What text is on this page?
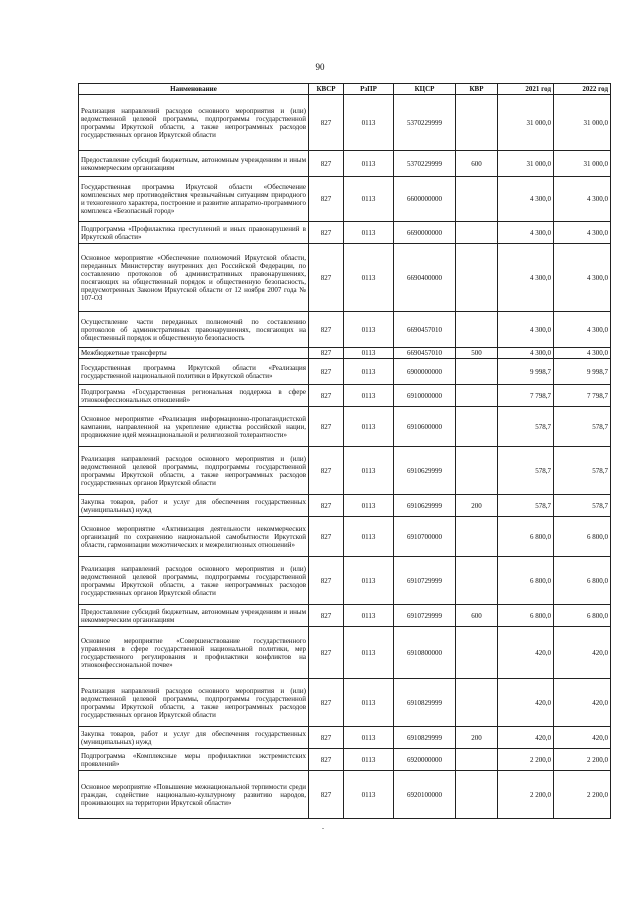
90
Наименование	КВСР	РзПР	КЦСР	КВР	2021 год	2022 год
Реализация направлений расходов основного мероприятия и (или) ведомственной целевой программы, подпрограммы государственной программы Иркутской области, а также непрограммных расходов государственных органов Иркутской области	827	0113	5370229999		31 000,0	31 000,0
Предоставление субсидий бюджетным, автономным учреждениям и иным некоммерческим организациям	827	0113	5370229999	600	31 000,0	31 000,0
Государственная программа Иркутской области «Обеспечение комплексных мер противодействия чрезвычайным ситуациям природного и техногенного характера, построение и развитие аппаратно-программного комплекса «Безопасный город»	827	0113	6600000000		4 300,0	4 300,0
Подпрограмма «Профилактика преступлений и иных правонарушений в Иркутской области»	827	0113	6690000000		4 300,0	4 300,0
Основное мероприятие «Обеспечение полномочий Иркутской области, переданных Министерству внутренних дел Российской Федерации, по составлению протоколов об административных правонарушениях, посягающих на общественный порядок и общественную безопасность, предусмотренных Законом Иркутской области от 12 ноября 2007 года № 107-ОЗ	827	0113	6690400000		4 300,0	4 300,0
Осуществление части переданных полномочий по составлению протоколов об административных правонарушениях, посягающих на общественный порядок и общественную безопасность	827	0113	6690457010		4 300,0	4 300,0
Межбюджетные трансферты	827	0113	6690457010	500	4 300,0	4 300,0
Государственная программа Иркутской области «Реализация государственной национальной политики в Иркутской области»	827	0113	6900000000		9 998,7	9 998,7
Подпрограмма «Государственная региональная поддержка в сфере этноконфессиональных отношений»	827	0113	6910000000		7 798,7	7 798,7
Основное мероприятие «Реализация информационно-пропагандистской кампании, направленной на укрепление единства российской нации, продвижение идей межнациональной и религиозной толерантности»	827	0113	6910600000		578,7	578,7
Реализация направлений расходов основного мероприятия и (или) ведомственной целевой программы, подпрограммы государственной программы Иркутской области, а также непрограммных расходов государственных органов Иркутской области	827	0113	6910629999		578,7	578,7
Закупка товаров, работ и услуг для обеспечения государственных (муниципальных) нужд	827	0113	6910629999	200	578,7	578,7
Основное мероприятие «Активизация деятельности некоммерческих организаций по сохранению национальной самобытности Иркутской области, гармонизации межэтнических и межрелигиозных отношений»	827	0113	6910700000		6 800,0	6 800,0
Реализация направлений расходов основного мероприятия и (или) ведомственной целевой программы, подпрограммы государственной программы Иркутской области, а также непрограммных расходов государственных органов Иркутской области	827	0113	6910729999		6 800,0	6 800,0
Предоставление субсидий бюджетным, автономным учреждениям и иным некоммерческим организациям	827	0113	6910729999	600	6 800,0	6 800,0
Основное мероприятие «Совершенствование государственного управления в сфере государственной национальной политики, мер государственного регулирования и профилактики конфликтов на этноконфессиональной почве»	827	0113	6910800000		420,0	420,0
Реализация направлений расходов основного мероприятия и (или) ведомственной целевой программы, подпрограммы государственной программы Иркутской области, а также непрограммных расходов государственных органов Иркутской области	827	0113	6910829999		420,0	420,0
Закупка товаров, работ и услуг для обеспечения государственных (муниципальных) нужд	827	0113	6910829999	200	420,0	420,0
Подпрограмма «Комплексные меры профилактики экстремистских проявлений»	827	0113	6920000000		2 200,0	2 200,0
Основное мероприятие «Повышение межнациональной терпимости среди граждан, содействие национально-культурному развитию народов, проживающих на территории Иркутской области»	827	0113	6920100000		2 200,0	2 200,0
.
